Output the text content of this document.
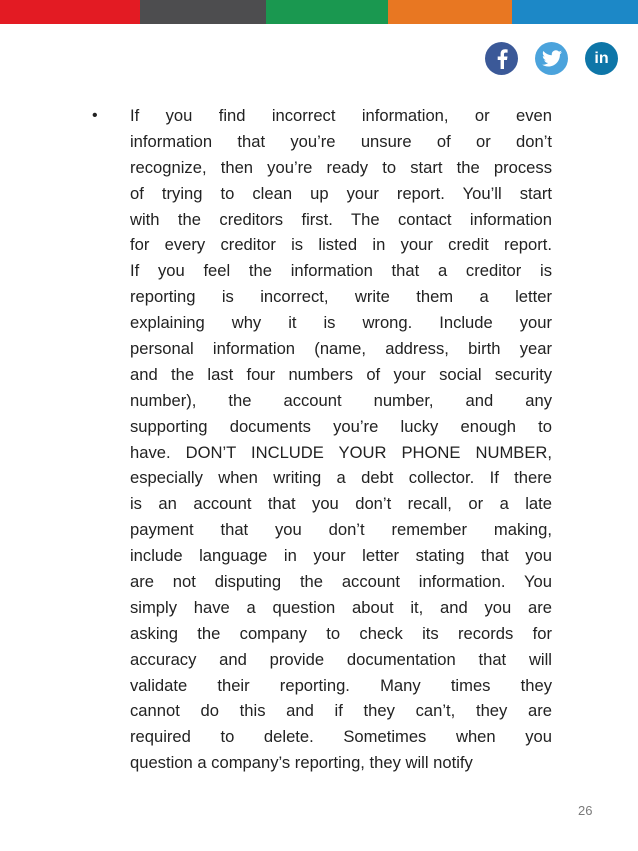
in
• If you find incorrect information, or even
information that you’re unsure of or don’t
recognize, then you’re ready to start the process
of trying to clean up your report. You’ll start
with the creditors first. The contact information
for every creditor is listed in your credit report.
If you feel the information that a creditor is
reporting is incorrect, write them a letter
explaining why it is wrong. Include your
personal information (name, address, birth year
and the last four numbers of your social security
number), the account number, and any
supporting documents you’re lucky enough to
have. DON’T INCLUDE YOUR PHONE NUMBER,
especially when writing a debt collector. If there
is an account that you don’t recall, or a late
payment that you don’t remember making,
include language in your letter stating that you
are not disputing the account information. You
simply have a question about it, and you are
asking the company to check its records for
accuracy and provide documentation that will
validate their reporting. Many times they
cannot do this and if they can’t, they are
required to delete. Sometimes when you
question a company’s reporting, they will notify
26
